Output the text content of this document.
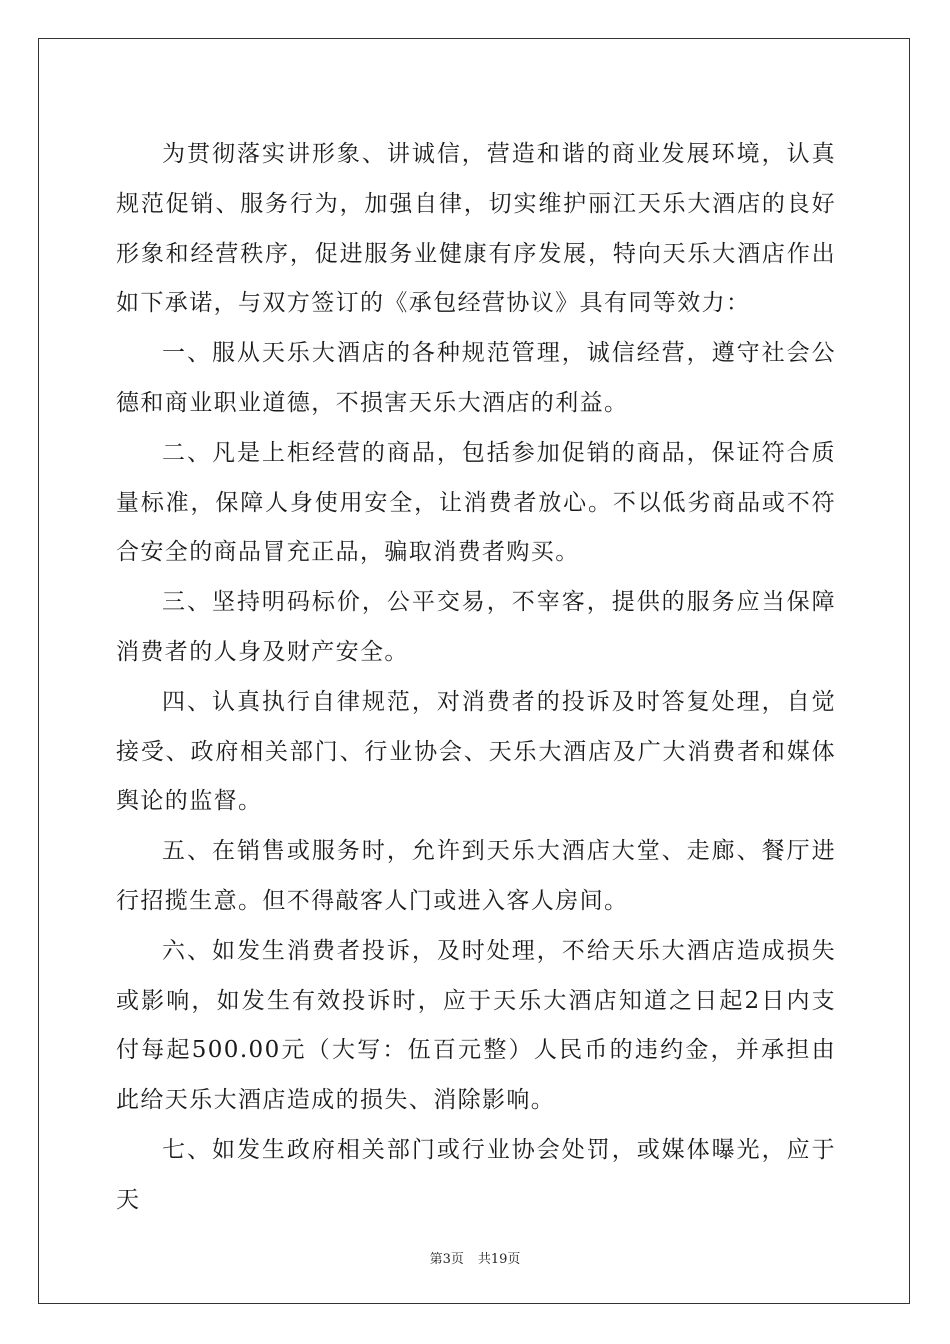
为贯彻落实讲形象、讲诚信，营造和谐的商业发展环境，认真规范促销、服务行为，加强自律，切实维护丽江天乐大酒店的良好形象和经营秩序，促进服务业健康有序发展，特向天乐大酒店作出如下承诺，与双方签订的《承包经营协议》具有同等效力：

一、服从天乐大酒店的各种规范管理，诚信经营，遵守社会公德和商业职业道德，不损害天乐大酒店的利益。

二、凡是上柜经营的商品，包括参加促销的商品，保证符合质量标准，保障人身使用安全，让消费者放心。不以低劣商品或不符合安全的商品冒充正品，骗取消费者购买。

三、坚持明码标价，公平交易，不宰客，提供的服务应当保障消费者的人身及财产安全。

四、认真执行自律规范，对消费者的投诉及时答复处理，自觉接受、政府相关部门、行业协会、天乐大酒店及广大消费者和媒体舆论的监督。

五、在销售或服务时，允许到天乐大酒店大堂、走廊、餐厅进行招揽生意。但不得敲客人门或进入客人房间。

六、如发生消费者投诉，及时处理，不给天乐大酒店造成损失或影响，如发生有效投诉时，应于天乐大酒店知道之日起2日内支付每起500.00元（大写：伍百元整）人民币的违约金，并承担由此给天乐大酒店造成的损失、消除影响。

七、如发生政府相关部门或行业协会处罚，或媒体曝光，应于天

第3页 共19页
